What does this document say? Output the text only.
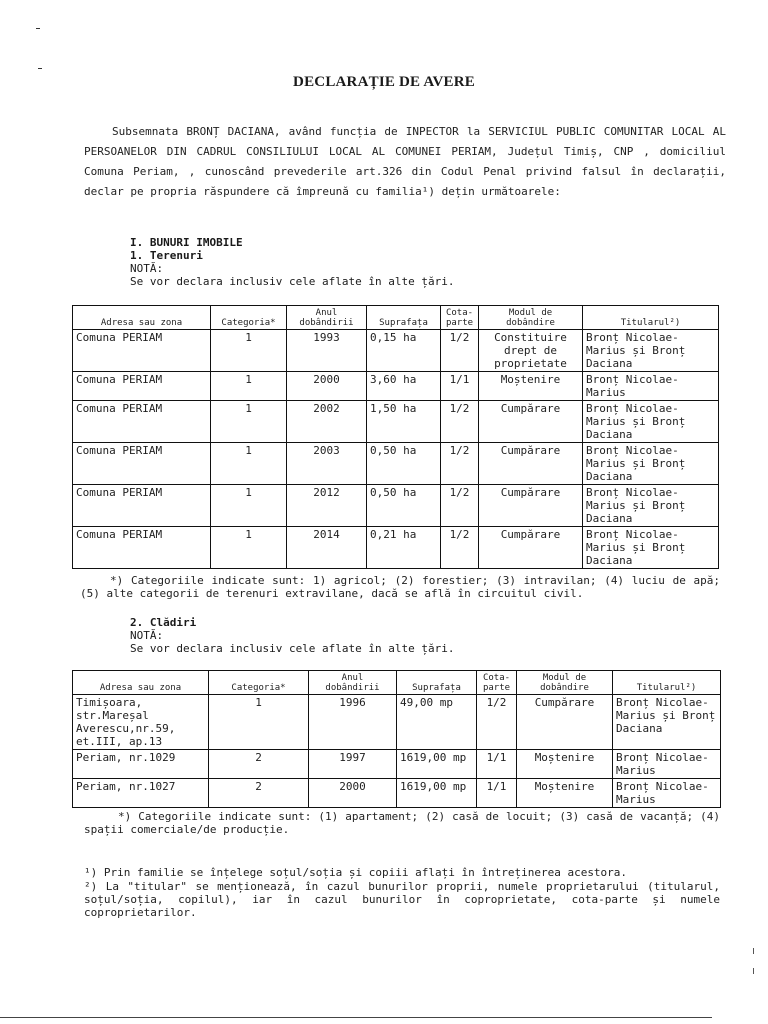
DECLARAȚIE DE AVERE

Subsemnata BRONȚ DACIANA, având funcția de INPECTOR la SERVICIUL PUBLIC COMUNITAR LOCAL AL PERSOANELOR DIN CADRUL CONSILIULUI LOCAL AL COMUNEI PERIAM, Județul Timiș, CNP , domiciliul Comuna Periam, , cunoscând prevederile art.326 din Codul Penal privind falsul în declarații, declar pe propria răspundere că împreună cu familia¹) dețin următoarele:

I. BUNURI IMOBILE
1. Terenuri
NOTĂ:
Se vor declara inclusiv cele aflate în alte țări.
Adresa sau zona	Categoria*	Anul dobândirii	Suprafața	Cota-parte	Modul de dobândire	Titularul²)
Comuna PERIAM	1	1993	0,15 ha	1/2	Constituire drept de proprietate	Bronț Nicolae-Marius și Bronț Daciana
Comuna PERIAM	1	2000	3,60 ha	1/1	Moștenire	Bronț Nicolae-Marius
Comuna PERIAM	1	2002	1,50 ha	1/2	Cumpărare	Bronț Nicolae-Marius și Bronț Daciana
Comuna PERIAM	1	2003	0,50 ha	1/2	Cumpărare	Bronț Nicolae-Marius și Bronț Daciana
Comuna PERIAM	1	2012	0,50 ha	1/2	Cumpărare	Bronț Nicolae-Marius și Bronț Daciana
Comuna PERIAM	1	2014	0,21 ha	1/2	Cumpărare	Bronț Nicolae-Marius și Bronț Daciana
*) Categoriile indicate sunt: 1) agricol; (2) forestier; (3) intravilan; (4) luciu de apă; (5) alte categorii de terenuri extravilane, dacă se află în circuitul civil.
2. Clădiri
NOTĂ:
Se vor declara inclusiv cele aflate în alte țări.
Adresa sau zona	Categoria*	Anul dobândirii	Suprafața	Cota-parte	Modul de dobândire	Titularul²)
Timișoara, str.Mareșal Averescu,nr.59, et.III, ap.13	1	1996	49,00 mp	1/2	Cumpărare	Bronț Nicolae-Marius și Bronț Daciana
Periam, nr.1029	2	1997	1619,00 mp	1/1	Moștenire	Bronț Nicolae-Marius
Periam, nr.1027	2	2000	1619,00 mp	1/1	Moștenire	Bronț Nicolae-Marius
*) Categoriile indicate sunt: (1) apartament; (2) casă de locuit; (3) casă de vacanță; (4) spații comerciale/de producție.
¹) Prin familie se înțelege soțul/soția și copiii aflați în întreținerea acestora.
²) La "titular" se menționează, în cazul bunurilor proprii, numele proprietarului (titularul, soțul/soția, copilul), iar în cazul bunurilor în coproprietate, cota-parte și numele coproprietarilor.
